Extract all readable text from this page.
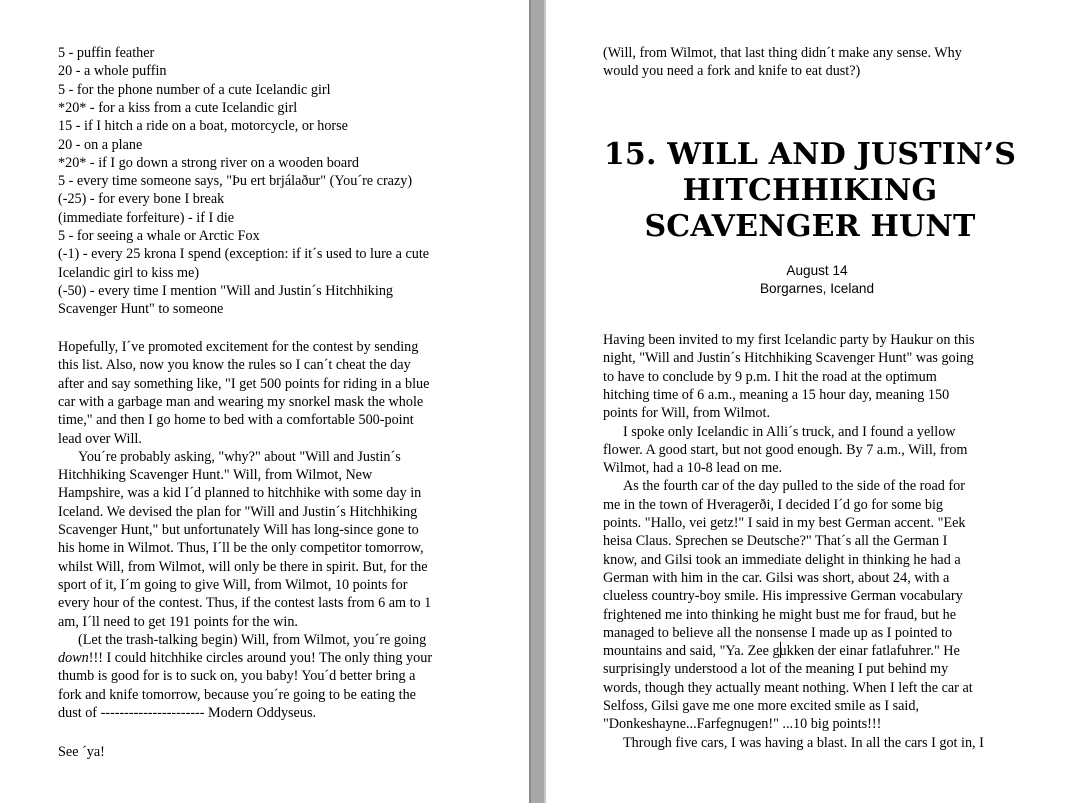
5 - puffin feather
20 - a whole puffin
5 - for the phone number of a cute Icelandic girl
*20* - for a kiss from a cute Icelandic girl
15 - if I hitch a ride on a boat, motorcycle, or horse
20 - on a plane
*20* - if I go down a strong river on a wooden board
5 - every time someone says, "Þu ert brjálaður" (You´re crazy)
(-25) - for every bone I break
(immediate forfeiture) - if I die
5 - for seeing a whale or Arctic Fox
(-1) - every 25 krona I spend (exception: if it´s used to lure a cute
Icelandic girl to kiss me)
(-50) - every time I mention "Will and Justin´s Hitchhiking
Scavenger Hunt" to someone
Hopefully, I´ve promoted excitement for the contest by sending
this list. Also, now you know the rules so I can´t cheat the day
after and say something like, "I get 500 points for riding in a blue
car with a garbage man and wearing my snorkel mask the whole
time," and then I go home to bed with a comfortable 500-point
lead over Will.
You´re probably asking, "why?" about "Will and Justin´s
Hitchhiking Scavenger Hunt." Will, from Wilmot, New
Hampshire, was a kid I´d planned to hitchhike with some day in
Iceland. We devised the plan for "Will and Justin´s Hitchhiking
Scavenger Hunt," but unfortunately Will has long-since gone to
his home in Wilmot. Thus, I´ll be the only competitor tomorrow,
whilst Will, from Wilmot, will only be there in spirit. But, for the
sport of it, I´m going to give Will, from Wilmot, 10 points for
every hour of the contest. Thus, if the contest lasts from 6 am to 1
am, I´ll need to get 191 points for the win.
(Let the trash-talking begin) Will, from Wilmot, you´re going
down!!! I could hitchhike circles around you! The only thing your
thumb is good for is to suck on, you baby! You´d better bring a
fork and knife tomorrow, because you´re going to be eating the
dust of ---------------------- Modern Oddyseus.
See ´ya!
(Will, from Wilmot, that last thing didn´t make any sense. Why
would you need a fork and knife to eat dust?)
15. WILL AND JUSTIN’S
HITCHHIKING
SCAVENGER HUNT
August 14
Borgarnes, Iceland
Having been invited to my first Icelandic party by Haukur on this
night, "Will and Justin´s Hitchhiking Scavenger Hunt" was going
to have to conclude by 9 p.m. I hit the road at the optimum
hitching time of 6 a.m., meaning a 15 hour day, meaning 150
points for Will, from Wilmot.
I spoke only Icelandic in Alli´s truck, and I found a yellow
flower. A good start, but not good enough. By 7 a.m., Will, from
Wilmot, had a 10-8 lead on me.
As the fourth car of the day pulled to the side of the road for
me in the town of Hveragerði, I decided I´d go for some big
points. "Hallo, vei getz!" I said in my best German accent. "Eek
heisa Claus. Sprechen se Deutsche?" That´s all the German I
know, and Gilsi took an immediate delight in thinking he had a
German with him in the car. Gilsi was short, about 24, with a
clueless country-boy smile. His impressive German vocabulary
frightened me into thinking he might bust me for fraud, but he
managed to believe all the nonsense I made up as I pointed to
mountains and said, "Ya. Zee gukken der einar fatlafuhrer." He
surprisingly understood a lot of the meaning I put behind my
words, though they actually meant nothing. When I left the car at
Selfoss, Gilsi gave me one more excited smile as I said,
"Donkeshayne...Farfegnugen!" ...10 big points!!!
Through five cars, I was having a blast. In all the cars I got in, I
